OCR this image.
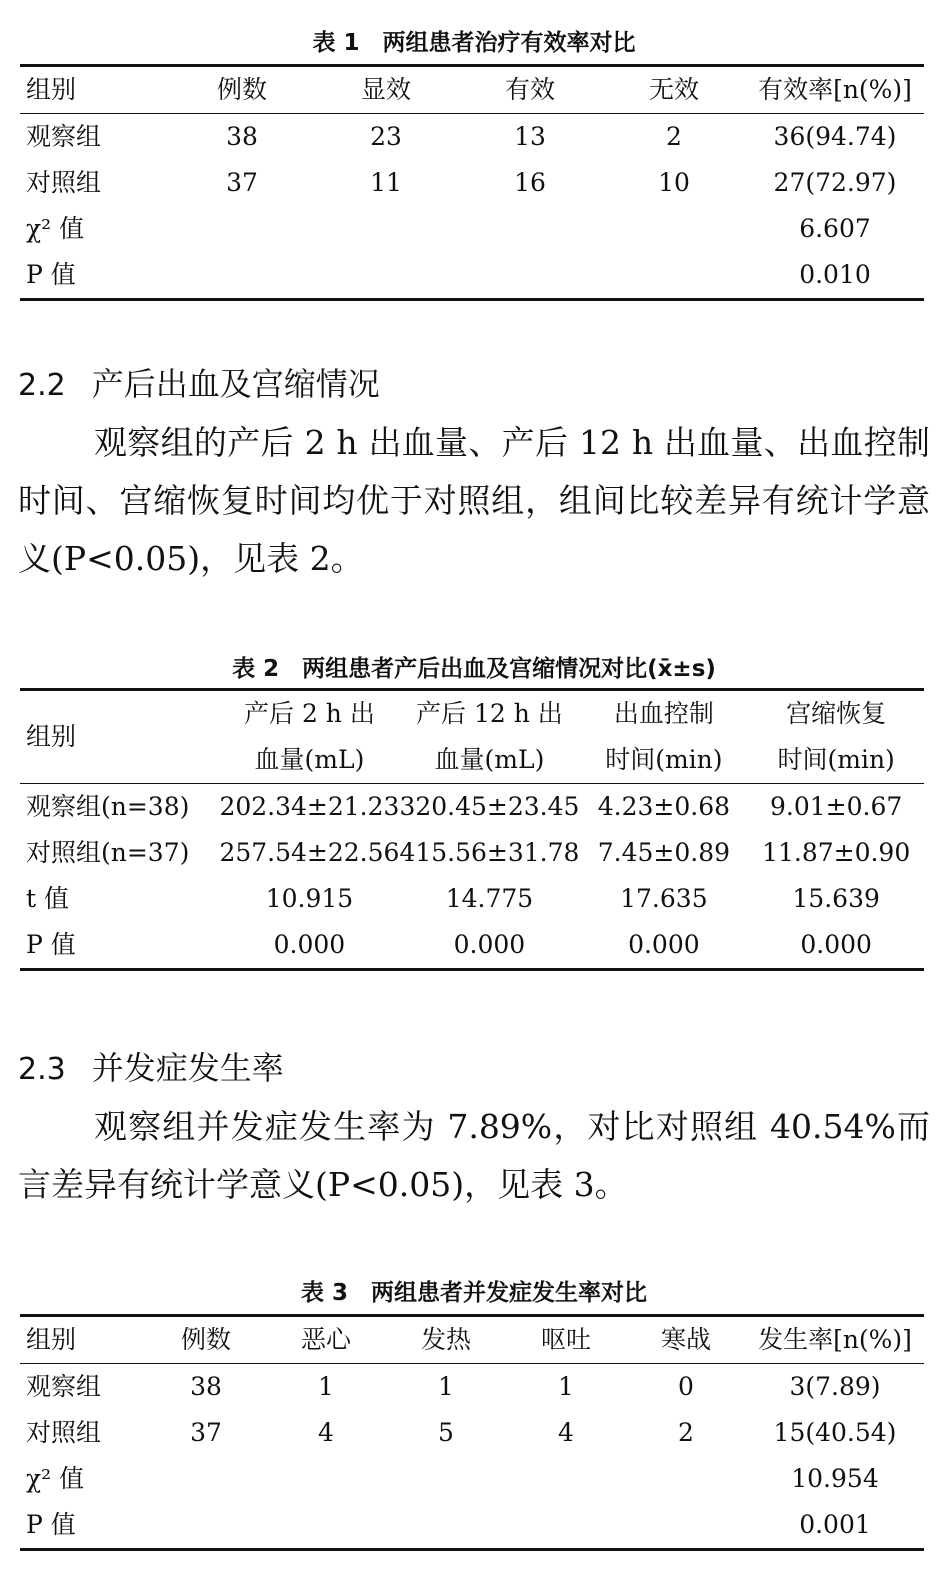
表 1　两组患者治疗有效率对比
组别	例数	显效	有效	无效	有效率[n(%)]
观察组	38	23	13	2	36(94.74)
对照组	37	11	16	10	27(72.97)
χ² 值					6.607
P 值					0.010
2.2 产后出血及宫缩情况

观察组的产后 2 h 出血量、产后 12 h 出血量、出血控制时间、宫缩恢复时间均优于对照组，组间比较差异有统计学意义(P<0.05)，见表 2。

表 2　两组患者产后出血及宫缩情况对比(x̄±s)
组别	产后 2 h 出	产后 12 h 出	出血控制	宫缩恢复
	血量(mL)	血量(mL)	时间(min)	时间(min)
观察组(n=38)	202.34±21.23	320.45±23.45	4.23±0.68	9.01±0.67
对照组(n=37)	257.54±22.56	415.56±31.78	7.45±0.89	11.87±0.90
t 值	10.915	14.775	17.635	15.639
P 值	0.000	0.000	0.000	0.000
2.3 并发症发生率

观察组并发症发生率为 7.89%，对比对照组 40.54%而言差异有统计学意义(P<0.05)，见表 3。

表 3　两组患者并发症发生率对比
组别	例数	恶心	发热	呕吐	寒战	发生率[n(%)]
观察组	38	1	1	1	0	3(7.89)
对照组	37	4	5	4	2	15(40.54)
χ² 值						10.954
P 值						0.001
